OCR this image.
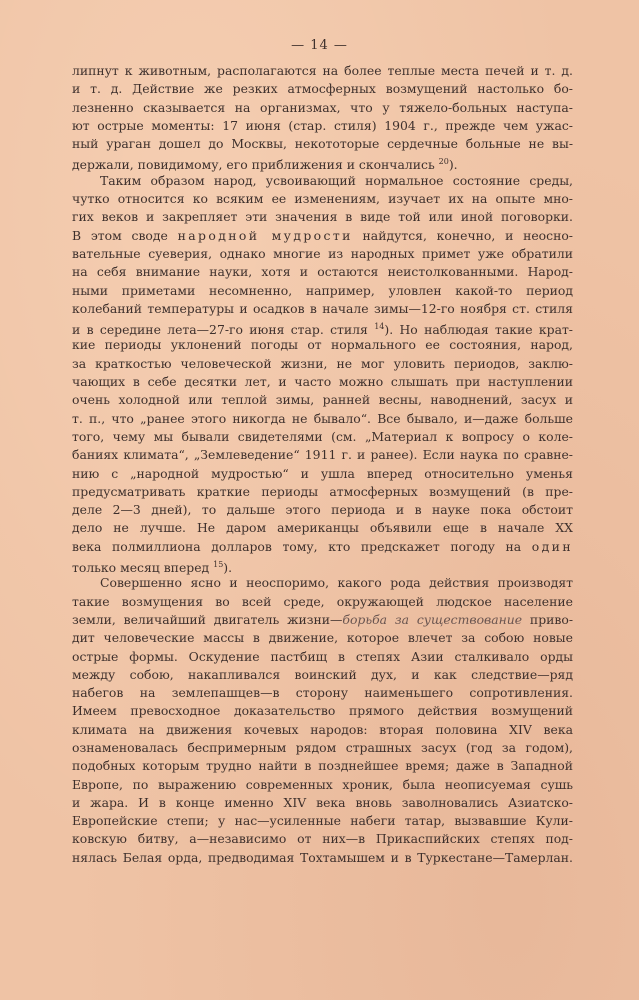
— 14 —
липнут к животным, располагаются на более теплые места печей и т. д.
и т. д. Действие же резких атмосферных возмущений настолько бо-
лезненно сказывается на организмах, что у тяжело-больных наступа-
ют острые моменты: 17 июня (стар. стиля) 1904 г., прежде чем ужас-
ный ураган дошел до Москвы, некототорые сердечные больные не вы-
держали, повидимому, его приближения и скончались $^{20}$).
Таким образом народ, усвоивающий нормальное состояние среды,
чутко относится ко всяким ее изменениям, изучает их на опыте мно-
гих веков и закрепляет эти значения в виде той или иной поговорки.
В этом своде народной мудрости найдутся, конечно, и неосно-
вательные суеверия, однако многие из народных примет уже обратили
на себя внимание науки, хотя и остаются неистолкованными. Народ-
ными приметами несомненно, например, уловлен какой-то период
колебаний температуры и осадков в начале зимы—12-го ноября ст. стиля
и в середине лета—27-го июня стар. стиля $^{14}$). Но наблюдая такие крат-
кие периоды уклонений погоды от нормального ее состояния, народ,
за краткостью человеческой жизни, не мог уловить периодов, заклю-
чающих в себе десятки лет, и часто можно слышать при наступлении
очень холодной или теплой зимы, ранней весны, наводнений, засух и
т. п., что „ранее этого никогда не бывало“. Все бывало, и—даже больше
того, чему мы бывали свидетелями (см. „Материал к вопросу о коле-
баниях климата“, „Землеведение“ 1911 г. и ранее). Если наука по сравне-
нию с „народной мудростью“ и ушла вперед относительно уменья
предусматривать краткие периоды атмосферных возмущений (в пре-
деле 2—3 дней), то дальше этого периода и в науке пока обстоит
дело не лучше. Не даром американцы объявили еще в начале XX
века полмиллиона долларов тому, кто предскажет погоду на один
только месяц вперед $^{15}$).
Совершенно ясно и неоспоримо, какого рода действия производят
такие возмущения во всей среде, окружающей людское население
земли, величайший двигатель жизни—борьба за существование приво-
дит человеческие массы в движение, которое влечет за собою новые
острые формы. Оскудение пастбищ в степях Азии сталкивало орды
между собою, накапливался воинский дух, и как следствие—ряд
набегов на землепашцев—в сторону наименьшего сопротивления.
Имеем превосходное доказательство прямого действия возмущений
климата на движения кочевых народов: вторая половина XIV века
ознаменовалась беспримерным рядом страшных засух (год за годом),
подобных которым трудно найти в позднейшее время; даже в Западной
Европе, по выражению современных хроник, была неописуемая сушь
и жара. И в конце именно XIV века вновь заволновались Азиатско-
Европейские степи; у нас—усиленные набеги татар, вызвавшие Кули-
ковскую битву, а—независимо от них—в Прикаспийских степях под-
нялась Белая орда, предводимая Тохтамышем и в Туркестане—Тамерлан.
